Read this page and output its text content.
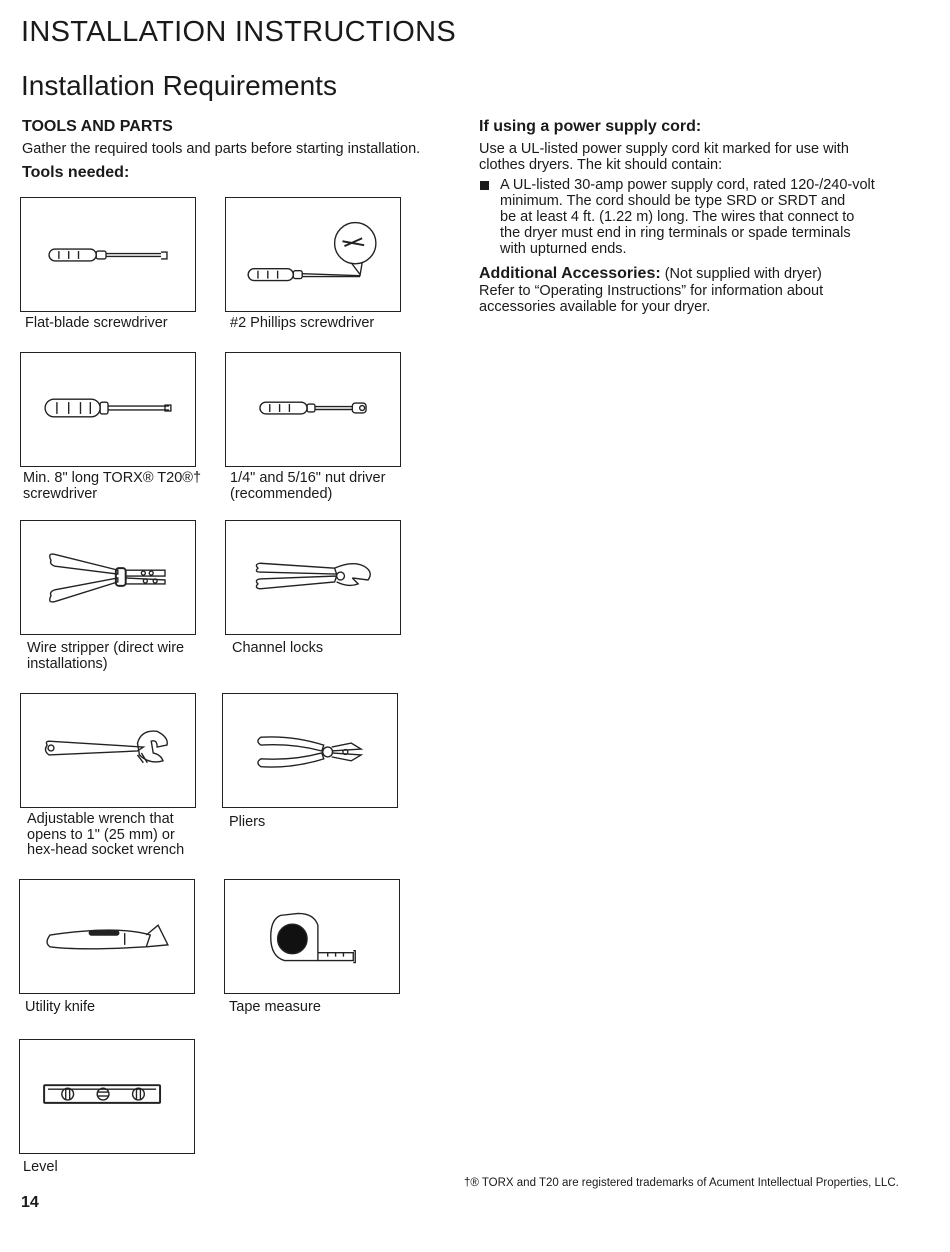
INSTALLATION INSTRUCTIONS
Installation Requirements
TOOLS AND PARTS
Gather the required tools and parts before starting installation.
Tools needed:
Flat-blade screwdriver	#2 Phillips screwdriver
Min. 8" long TORX® T20®†
screwdriver
1/4" and 5/16" nut driver
(recommended)
Wire stripper (direct wire
installations)
Channel locks
Adjustable wrench that
opens to 1" (25 mm) or
hex-head socket wrench
Pliers
Utility knife	Tape measure
Level
If using a power supply cord:
Use a UL-listed power supply cord kit marked for use with
clothes dryers. The kit should contain:
A UL-listed 30-amp power supply cord, rated 120-/240-volt
minimum. The cord should be type SRD or SRDT and
be at least 4 ft. (1.22 m) long. The wires that connect to
the dryer must end in ring terminals or spade terminals
with upturned ends.
Additional Accessories: (Not supplied with dryer)
Refer to “Operating Instructions” for information about
accessories available for your dryer.
†® TORX and T20 are registered trademarks of Acument Intellectual Properties, LLC.
14
